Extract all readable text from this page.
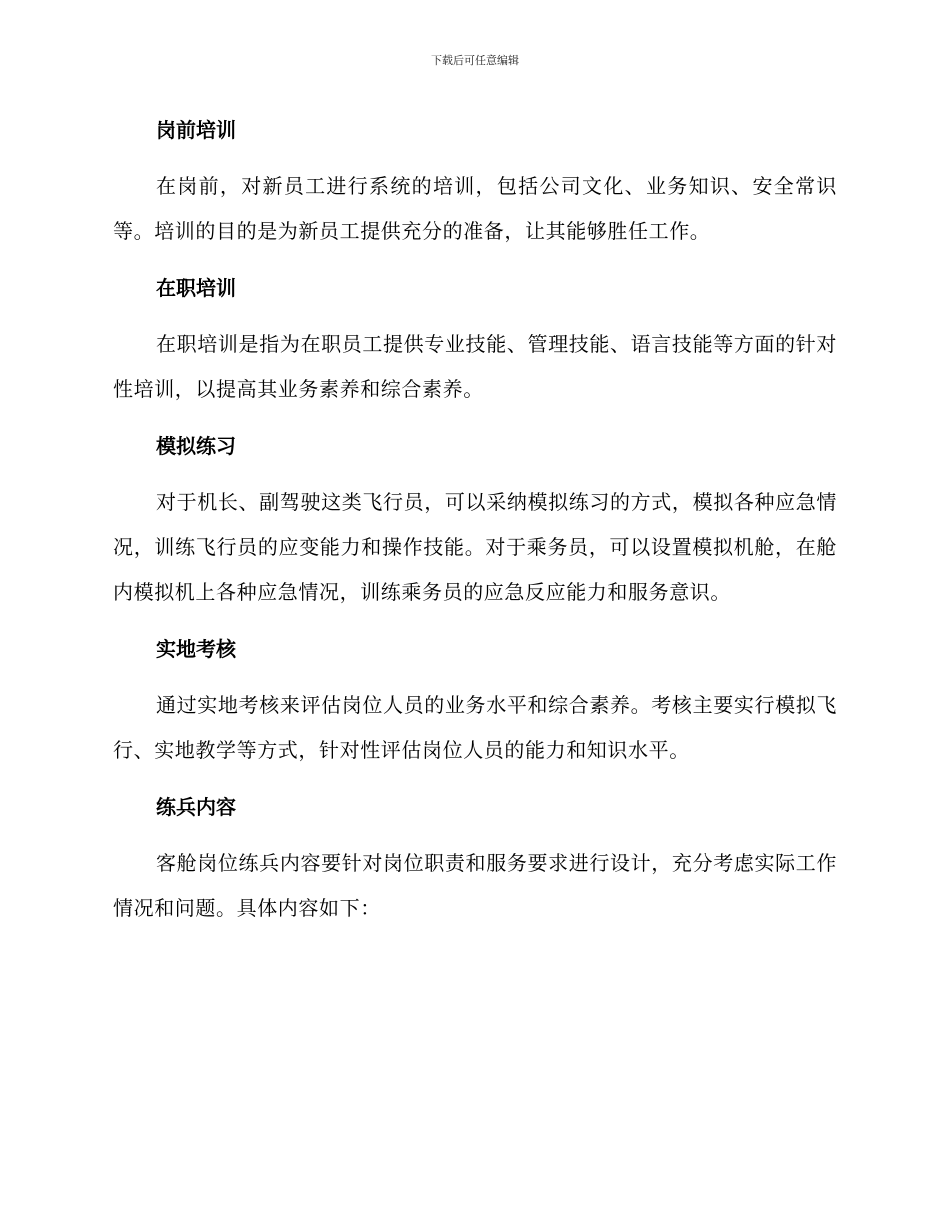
下载后可任意编辑
岗前培训

在岗前，对新员工进行系统的培训，包括公司文化、业务知识、安全常识等。培训的目的是为新员工提供充分的准备，让其能够胜任工作。

在职培训

在职培训是指为在职员工提供专业技能、管理技能、语言技能等方面的针对性培训，以提高其业务素养和综合素养。

模拟练习

对于机长、副驾驶这类飞行员，可以采纳模拟练习的方式，模拟各种应急情况，训练飞行员的应变能力和操作技能。对于乘务员，可以设置模拟机舱，在舱内模拟机上各种应急情况，训练乘务员的应急反应能力和服务意识。

实地考核

通过实地考核来评估岗位人员的业务水平和综合素养。考核主要实行模拟飞行、实地教学等方式，针对性评估岗位人员的能力和知识水平。

练兵内容

客舱岗位练兵内容要针对岗位职责和服务要求进行设计，充分考虑实际工作情况和问题。具体内容如下：
